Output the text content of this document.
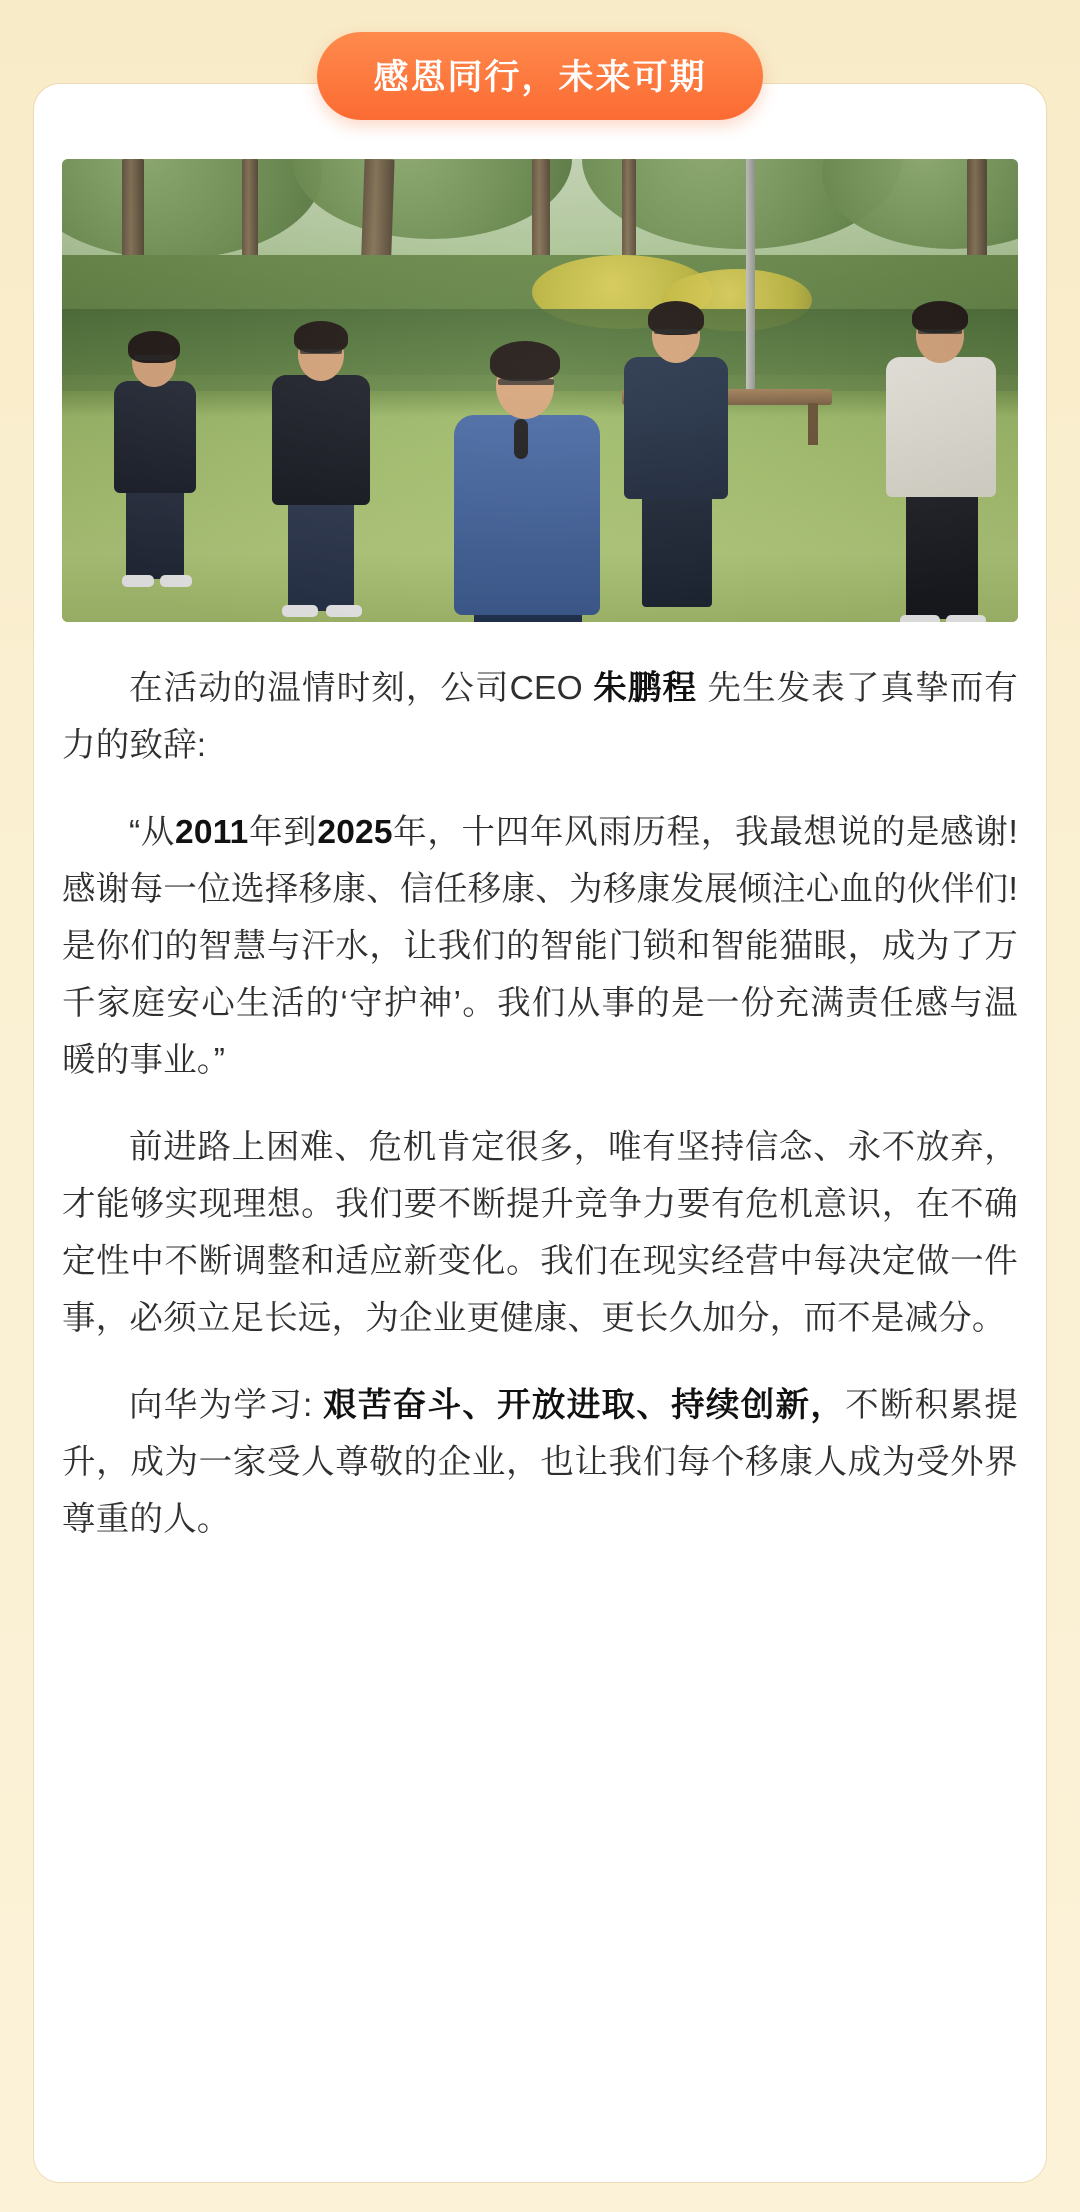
感恩同行，未来可期

在活动的温情时刻，公司CEO 朱鹏程 先生发表了真挚而有力的致辞:

“从2011年到2025年，十四年风雨历程，我最想说的是感谢! 感谢每一位选择移康、信任移康、为移康发展倾注心血的伙伴们! 是你们的智慧与汗水，让我们的智能门锁和智能猫眼，成为了万千家庭安心生活的‘守护神’。我们从事的是一份充满责任感与温暖的事业。”

前进路上困难、危机肯定很多，唯有坚持信念、永不放弃，才能够实现理想。我们要不断提升竞争力要有危机意识，在不确定性中不断调整和适应新变化。我们在现实经营中每决定做一件事，必须立足长远，为企业更健康、更长久加分，而不是减分。

向华为学习: 艰苦奋斗、开放进取、持续创新，不断积累提升，成为一家受人尊敬的企业，也让我们每个移康人成为受外界尊重的人。
